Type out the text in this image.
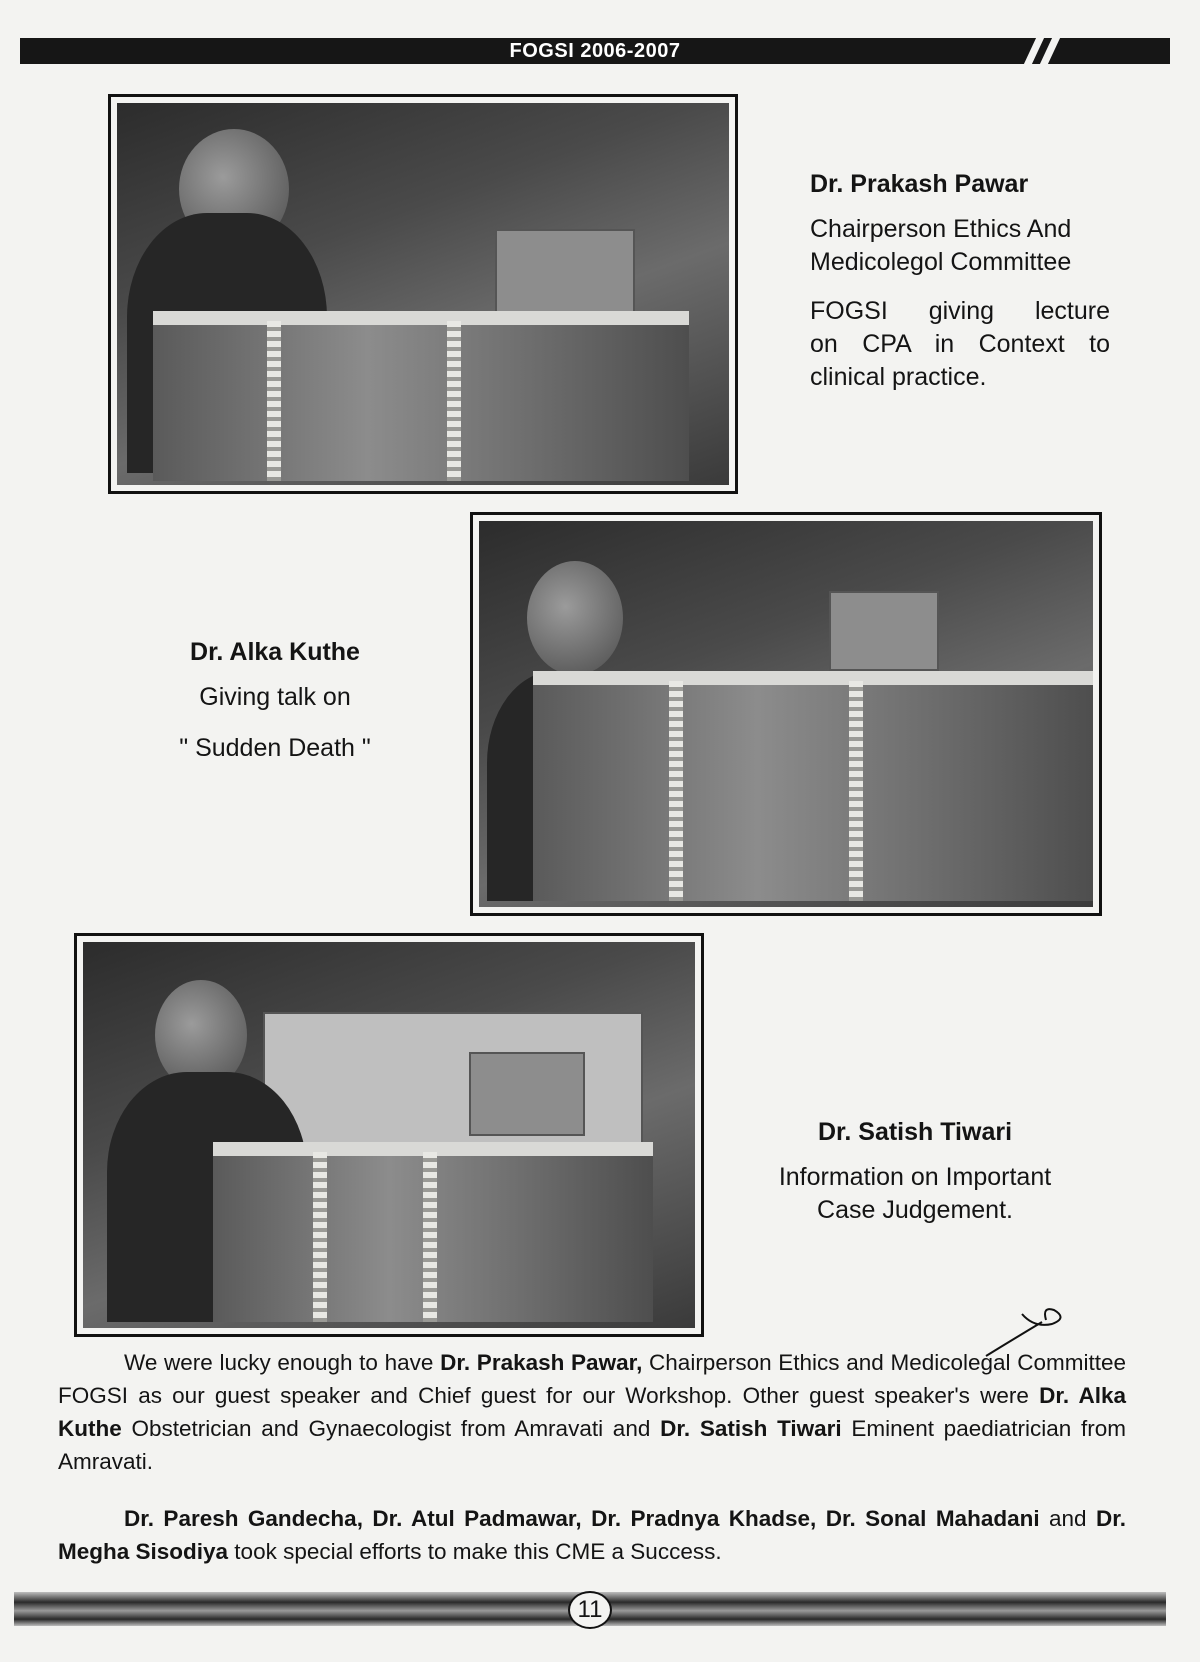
FOGSI 2006-2007
Dr. Prakash Pawar
Chairperson Ethics And
Medicolegol Committee
FOGSI giving lecture
on CPA in Context to
clinical practice.
Dr. Alka Kuthe
Giving talk on
" Sudden Death "
Dr. Satish Tiwari
Information on Important
Case Judgement.
We were lucky enough to have Dr. Prakash Pawar, Chairperson Ethics and Medicolegal Committee FOGSI as our guest speaker and Chief guest for our Workshop. Other guest speaker's were Dr. Alka Kuthe Obstetrician and Gynaecologist from Amravati and Dr. Satish Tiwari Eminent paediatrician from Amravati.
Dr. Paresh Gandecha, Dr. Atul Padmawar, Dr. Pradnya Khadse, Dr. Sonal Mahadani and Dr. Megha Sisodiya took special efforts to make this CME a Success.
11
